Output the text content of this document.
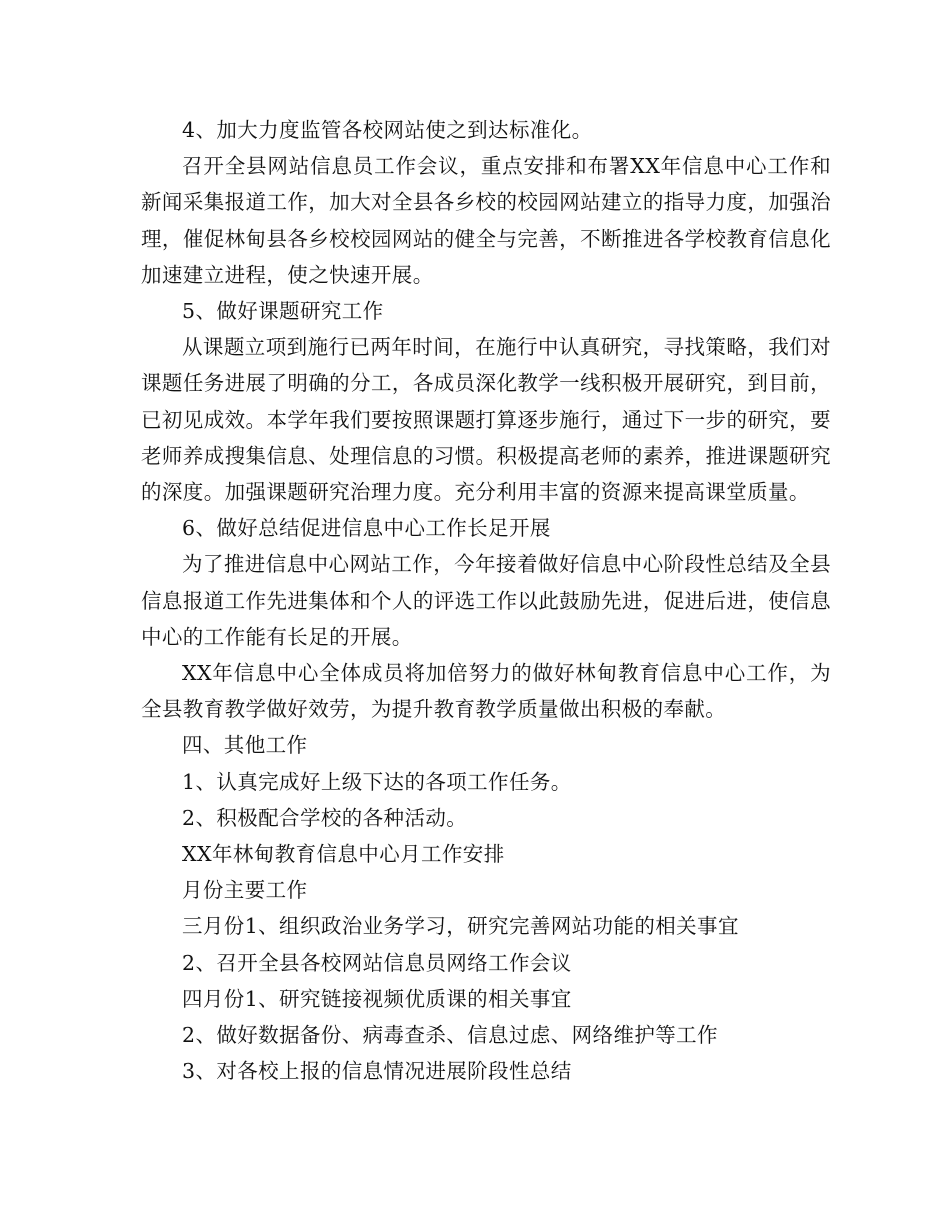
4、加大力度监管各校网站使之到达标准化。

召开全县网站信息员工作会议，重点安排和布署XX年信息中心工作和新闻采集报道工作，加大对全县各乡校的校园网站建立的指导力度，加强治理，催促林甸县各乡校校园网站的健全与完善，不断推进各学校教育信息化加速建立进程，使之快速开展。

5、做好课题研究工作

从课题立项到施行已两年时间，在施行中认真研究，寻找策略，我们对课题任务进展了明确的分工，各成员深化教学一线积极开展研究，到目前，已初见成效。本学年我们要按照课题打算逐步施行，通过下一步的研究，要老师养成搜集信息、处理信息的习惯。积极提高老师的素养，推进课题研究的深度。加强课题研究治理力度。充分利用丰富的资源来提高课堂质量。

6、做好总结促进信息中心工作长足开展

为了推进信息中心网站工作，今年接着做好信息中心阶段性总结及全县信息报道工作先进集体和个人的评选工作以此鼓励先进，促进后进，使信息中心的工作能有长足的开展。

XX年信息中心全体成员将加倍努力的做好林甸教育信息中心工作，为全县教育教学做好效劳，为提升教育教学质量做出积极的奉献。

四、其他工作

1、认真完成好上级下达的各项工作任务。

2、积极配合学校的各种活动。

XX年林甸教育信息中心月工作安排

月份主要工作

三月份1、组织政治业务学习，研究完善网站功能的相关事宜

2、召开全县各校网站信息员网络工作会议

四月份1、研究链接视频优质课的相关事宜

2、做好数据备份、病毒查杀、信息过虑、网络维护等工作

3、对各校上报的信息情况进展阶段性总结
